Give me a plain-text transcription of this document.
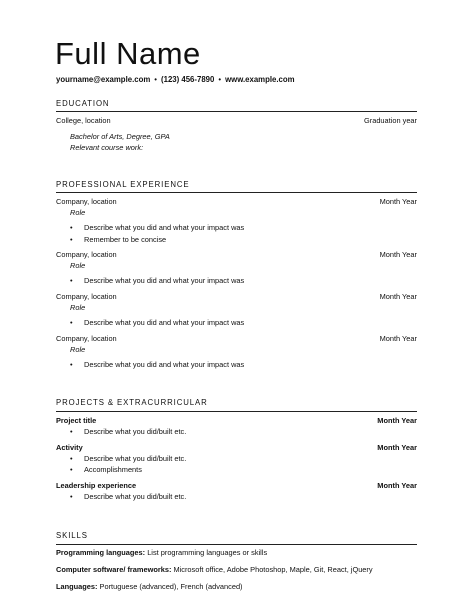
Full Name
yourname@example.com • (123) 456-7890 • www.example.com
EDUCATION
College, location	Graduation year
Bachelor of Arts, Degree, GPA
Relevant course work:
PROFESSIONAL EXPERIENCE
Company, location	Month Year
Role
• Describe what you did and what your impact was
• Remember to be concise
Company, location	Month Year
Role
• Describe what you did and what your impact was
Company, location	Month Year
Role
• Describe what you did and what your impact was
Company, location	Month Year
Role
• Describe what you did and what your impact was
PROJECTS & EXTRACURRICULAR
Project title	Month Year
• Describe what you did/built etc.
Activity	Month Year
• Describe what you did/built etc.
• Accomplishments
Leadership experience	Month Year
• Describe what you did/built etc.
SKILLS
Programming languages: List programming languages or skills
Computer software/ frameworks: Microsoft office, Adobe Photoshop, Maple, Git, React, jQuery
Languages: Portuguese (advanced), French (advanced)
